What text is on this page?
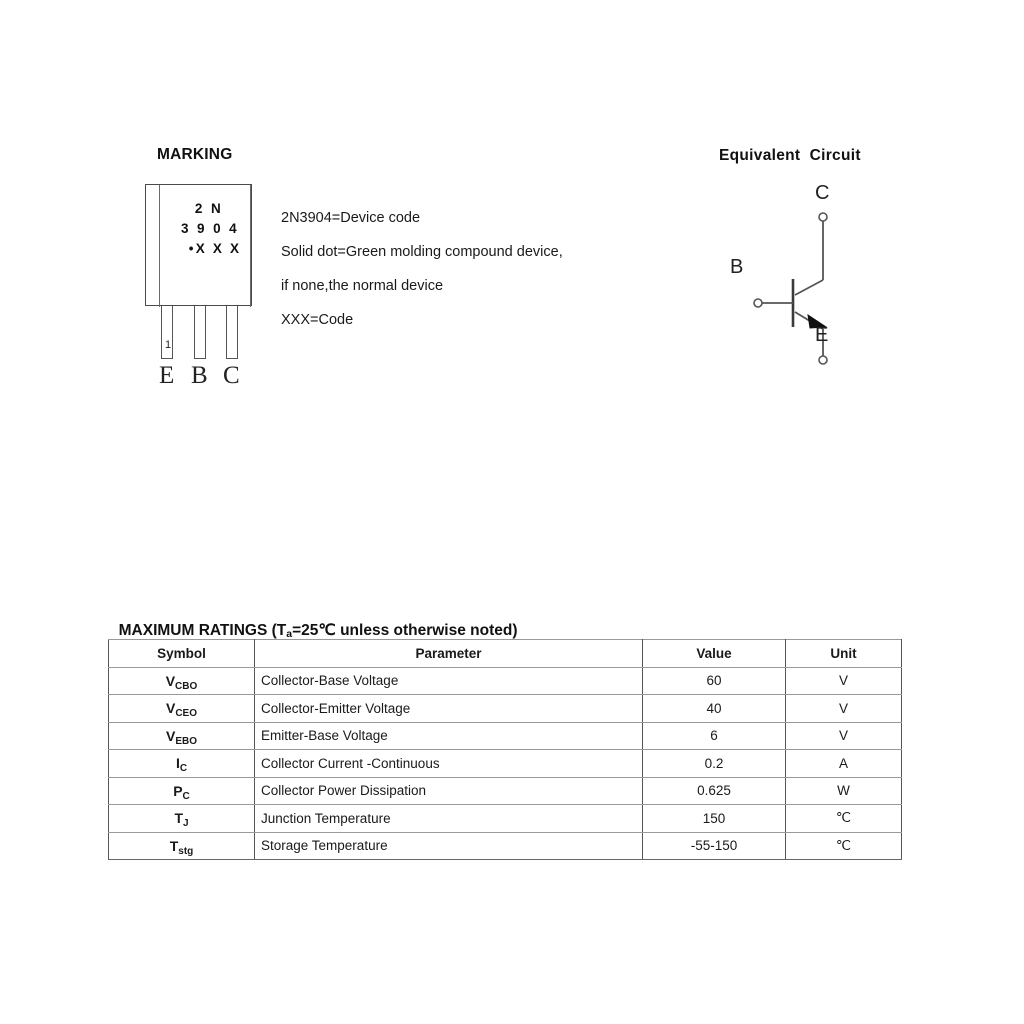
MARKING
2 N
3 9 0 4
•X X X
1
E B C
2N3904=Device code
Solid dot=Green molding compound device,
if none,the normal device
XXX=Code
Equivalent  Circuit
C
B
E

MAXIMUM RATINGS ($T_a=25℃$ unless otherwise noted)

Symbol	Parameter	Value	Unit
$V_{CBO}$	Collector-Base Voltage	60	V
$V_{CEO}$	Collector-Emitter Voltage	40	V
$V_{EBO}$	Emitter-Base Voltage	6	V
$I_C$	Collector Current -Continuous	0.2	A
$P_C$	Collector Power Dissipation	0.625	W
$T_J$	Junction Temperature	150	℃
$T_{stg}$	Storage Temperature	-55-150	℃
